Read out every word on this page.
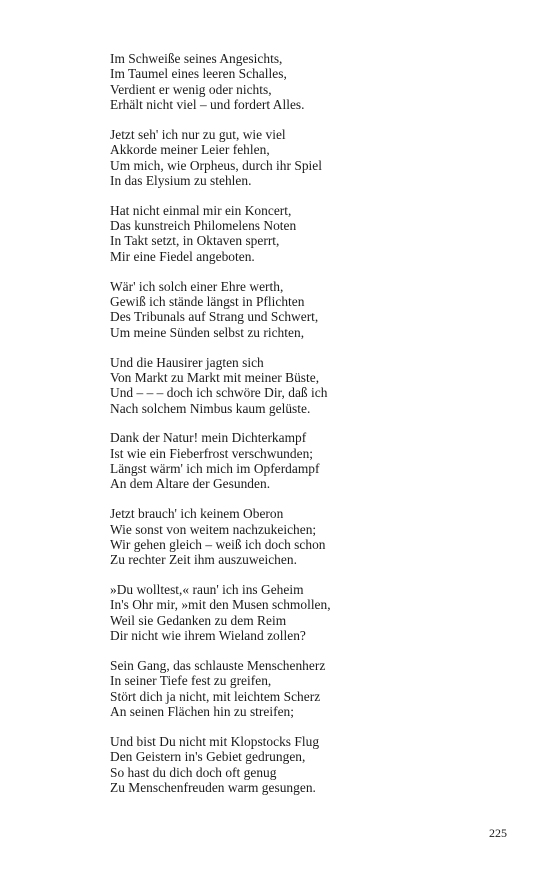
Im Schweiße seines Angesichts,
Im Taumel eines leeren Schalles,
Verdient er wenig oder nichts,
Erhält nicht viel – und fordert Alles.
Jetzt seh' ich nur zu gut, wie viel
Akkorde meiner Leier fehlen,
Um mich, wie Orpheus, durch ihr Spiel
In das Elysium zu stehlen.
Hat nicht einmal mir ein Koncert,
Das kunstreich Philomelens Noten
In Takt setzt, in Oktaven sperrt,
Mir eine Fiedel angeboten.
Wär' ich solch einer Ehre werth,
Gewiß ich stände längst in Pflichten
Des Tribunals auf Strang und Schwert,
Um meine Sünden selbst zu richten,
Und die Hausirer jagten sich
Von Markt zu Markt mit meiner Büste,
Und – – – doch ich schwöre Dir, daß ich
Nach solchem Nimbus kaum gelüste.
Dank der Natur! mein Dichterkampf
Ist wie ein Fieberfrost verschwunden;
Längst wärm' ich mich im Opferdampf
An dem Altare der Gesunden.
Jetzt brauch' ich keinem Oberon
Wie sonst von weitem nachzukeichen;
Wir gehen gleich – weiß ich doch schon
Zu rechter Zeit ihm auszuweichen.
»Du wolltest,« raun' ich ins Geheim
In's Ohr mir, »mit den Musen schmollen,
Weil sie Gedanken zu dem Reim
Dir nicht wie ihrem Wieland zollen?
Sein Gang, das schlauste Menschenherz
In seiner Tiefe fest zu greifen,
Stört dich ja nicht, mit leichtem Scherz
An seinen Flächen hin zu streifen;
Und bist Du nicht mit Klopstocks Flug
Den Geistern in's Gebiet gedrungen,
So hast du dich doch oft genug
Zu Menschenfreuden warm gesungen.
225
